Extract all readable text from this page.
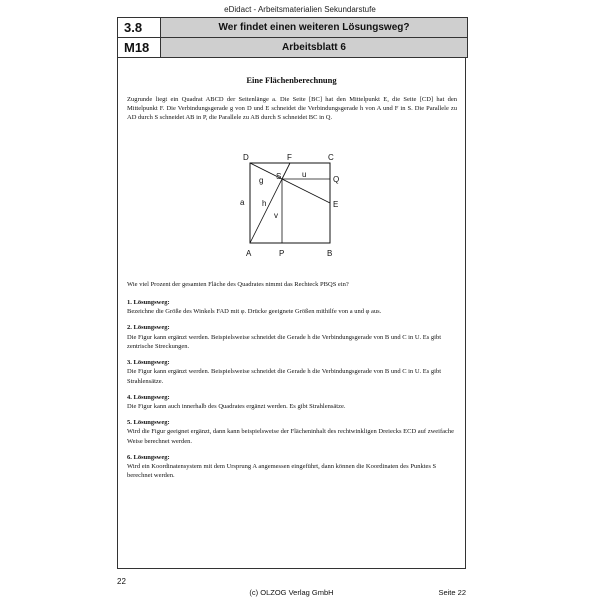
eDidact - Arbeitsmaterialien Sekundarstufe
3.8	Wer findet einen weiteren Lösungsweg?
M18	Arbeitsblatt 6
Eine Flächenberechnung
Zugrunde liegt ein Quadrat ABCD der Seitenlänge a. Die Seite [BC] hat den Mittelpunkt E, die Seite [CD] hat den Mittelpunkt F. Die Verbindungsgerade g von D und E schneidet die Verbindungsgerade h von A und F in S. Die Parallele zu AD durch S schneidet AB in P, die Parallele zu AB durch S schneidet BC in Q.
D	F	C
S	u
Q
g
h	E
a
v
A	P	B
Wie viel Prozent der gesamten Fläche des Quadrates nimmt das Rechteck PBQS ein?
1. Lösungsweg:
Bezeichne die Größe des Winkels FAD mit φ. Drücke geeignete Größen mithilfe von a und φ aus.
2. Lösungsweg:
Die Figur kann ergänzt werden. Beispielsweise schneidet die Gerade h die Verbindungsgerade von B und C in U. Es gibt zentrische Streckungen.
3. Lösungsweg:
Die Figur kann ergänzt werden. Beispielsweise schneidet die Gerade h die Verbindungsgerade von B und C in U. Es gibt Strahlensätze.
4. Lösungsweg:
Die Figur kann auch innerhalb des Quadrates ergänzt werden. Es gibt Strahlensätze.
5. Lösungsweg:
Wird die Figur geeignet ergänzt, dann kann beispielsweise der Flächeninhalt des rechtwinkligen Dreiecks ECD auf zweifache Weise berechnet werden.
6. Lösungsweg:
Wird ein Koordinatensystem mit dem Ursprung A angemessen eingeführt, dann können die Koordinaten des Punktes S berechnet werden.
22
(c) OLZOG Verlag GmbH	Seite 22
